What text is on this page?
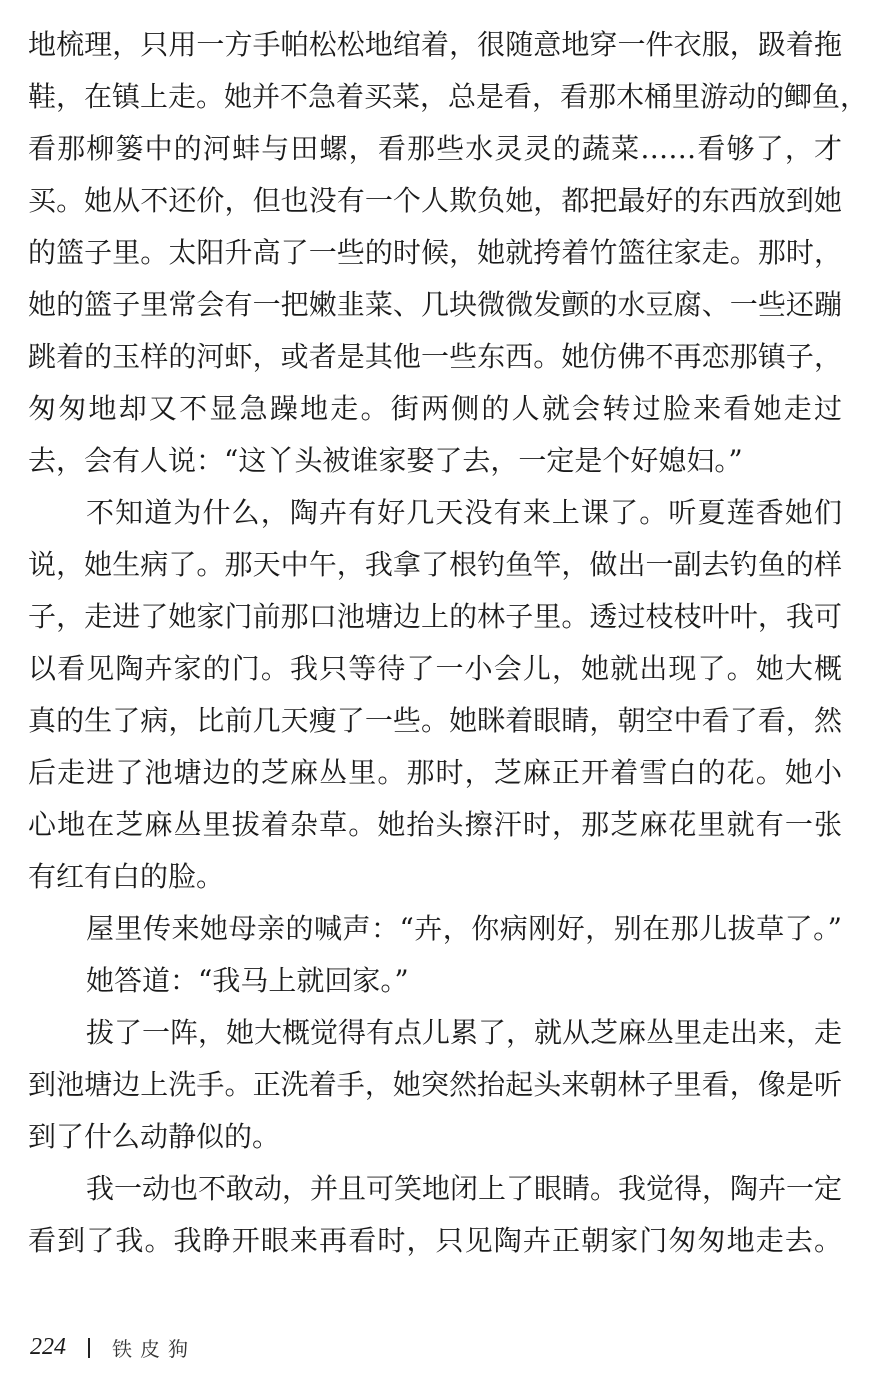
地梳理，只用一方手帕松松地绾着，很随意地穿一件衣服，趿着拖
鞋，在镇上走。她并不急着买菜，总是看，看那木桶里游动的鲫鱼，
看那柳篓中的河蚌与田螺，看那些水灵灵的蔬菜……看够了，才
买。她从不还价，但也没有一个人欺负她，都把最好的东西放到她
的篮子里。太阳升高了一些的时候，她就挎着竹篮往家走。那时，
她的篮子里常会有一把嫩韭菜、几块微微发颤的水豆腐、一些还蹦
跳着的玉样的河虾，或者是其他一些东西。她仿佛不再恋那镇子，
匆匆地却又不显急躁地走。街两侧的人就会转过脸来看她走过
去，会有人说：“这丫头被谁家娶了去，一定是个好媳妇。”
不知道为什么，陶卉有好几天没有来上课了。听夏莲香她们
说，她生病了。那天中午，我拿了根钓鱼竿，做出一副去钓鱼的样
子，走进了她家门前那口池塘边上的林子里。透过枝枝叶叶，我可
以看见陶卉家的门。我只等待了一小会儿，她就出现了。她大概
真的生了病，比前几天瘦了一些。她眯着眼睛，朝空中看了看，然
后走进了池塘边的芝麻丛里。那时，芝麻正开着雪白的花。她小
心地在芝麻丛里拔着杂草。她抬头擦汗时，那芝麻花里就有一张
有红有白的脸。
屋里传来她母亲的喊声：“卉，你病刚好，别在那儿拔草了。”
她答道：“我马上就回家。”
拔了一阵，她大概觉得有点儿累了，就从芝麻丛里走出来，走
到池塘边上洗手。正洗着手，她突然抬起头来朝林子里看，像是听
到了什么动静似的。
我一动也不敢动，并且可笑地闭上了眼睛。我觉得，陶卉一定
看到了我。我睁开眼来再看时，只见陶卉正朝家门匆匆地走去。
224 铁皮狗
